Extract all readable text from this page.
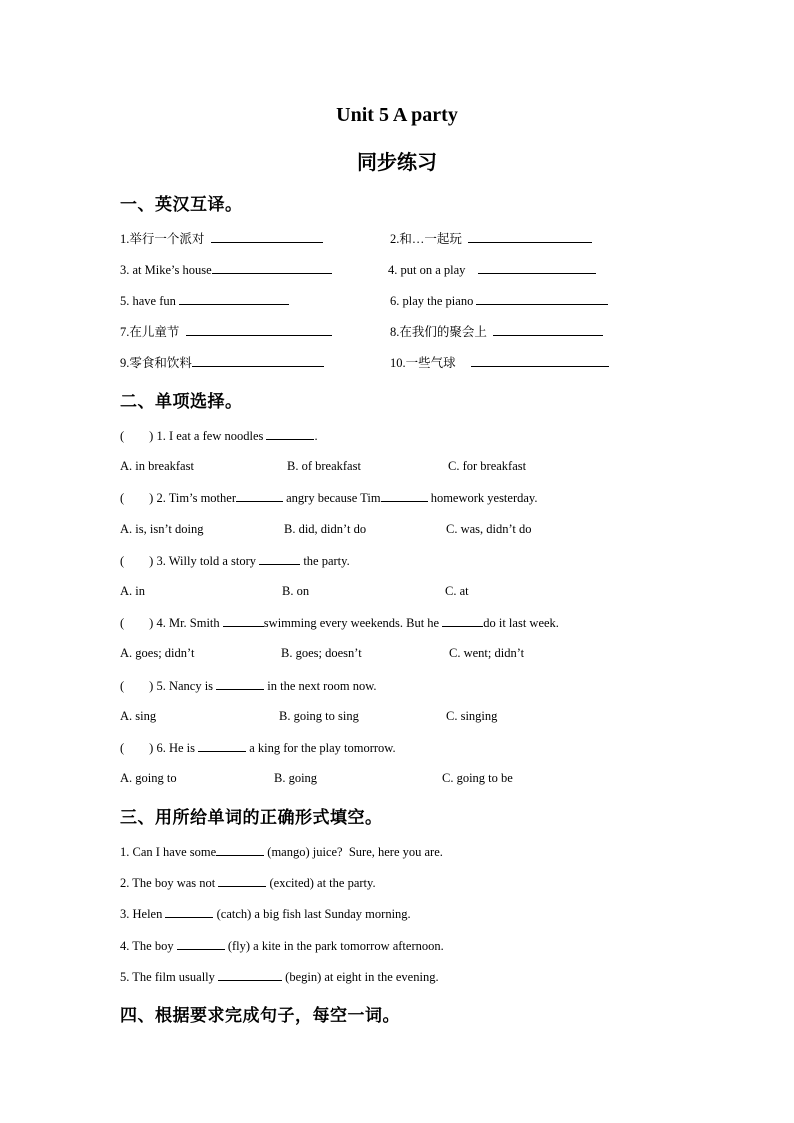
Unit 5 A party
同步练习
一、英汉互译。
1.举行一个派对	2.和…一起玩
3. at Mike’s house	4. put on a play
5. have fun	6. play the piano
7.在儿童节	8.在我们的聚会上
9.零食和饮料	10.一些气球
二、单项选择。
(        ) 1. I eat a few noodles	.
A. in breakfast	B. of breakfast	C. for breakfast
(        ) 2. Tim’s mother	angry because Tim	homework yesterday.
A. is, isn’t doing	B. did, didn’t do	C. was, didn’t do
(        ) 3. Willy told a story	the party.
A. in	B. on	C. at
(        ) 4. Mr. Smith	swimming every weekends. But he	do it last week.
A. goes; didn’t	B. goes; doesn’t	C. went; didn’t
(        ) 5. Nancy is	in the next room now.
A. sing	B. going to sing	C. singing
(        ) 6. He is	a king for the play tomorrow.
A. going to	B. going	C. going to be
三、用所给单词的正确形式填空。
1. Can I have some	(mango) juice?  Sure, here you are.
2. The boy was not	(excited) at the party.
3. Helen	(catch) a big fish last Sunday morning.
4. The boy	(fly) a kite in the park tomorrow afternoon.
5. The film usually	(begin) at eight in the evening.
四、根据要求完成句子，每空一词。
